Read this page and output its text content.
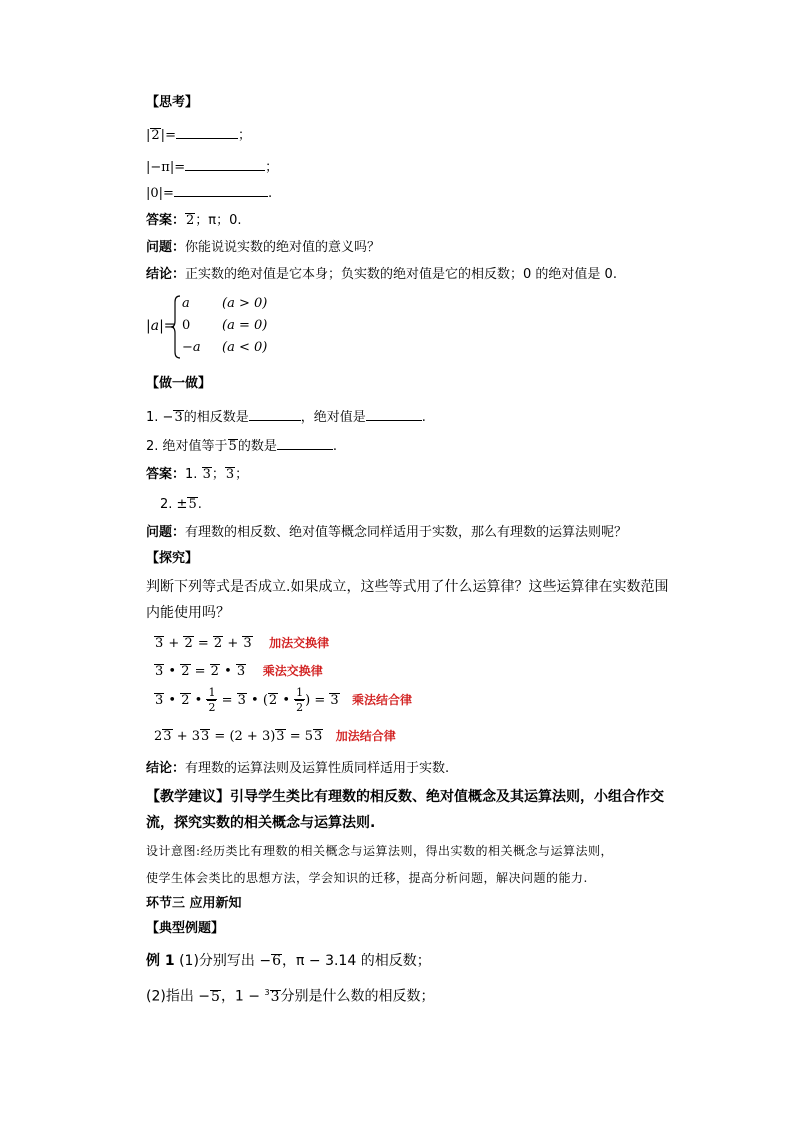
【思考】
|2|=	；
|−π|=	；
|0|=	.
答案：2；π；0.
问题：你能说说实数的绝对值的意义吗？
结论：正实数的绝对值是它本身；负实数的绝对值是它的相反数；0 的绝对值是 0.
|a|=
a (a > 0)
0 (a = 0)
−a (a < 0)
【做一做】
1. −3的相反数是	，绝对值是	.
2. 绝对值等于5的数是	.
答案：1. 3；3；
2. ±5.
问题：有理数的相反数、绝对值等概念同样适用于实数，那么有理数的运算法则呢？
【探究】
判断下列等式是否成立.如果成立，这些等式用了什么运算律？这些运算律在实数范围
内能使用吗？
3 + 2 = 2 + 3 加法交换律
3 • 2 = 2 • 3 乘法交换律
3 • 2 • $\frac{1}{2} = 3$ • (2 • $\frac{1}{2}$ ) = 3 乘法结合律
23 + 33 = (2 + 3)3 = 53 加法结合律
结论：有理数的运算法则及运算性质同样适用于实数.
【教学建议】引导学生类比有理数的相反数、绝对值概念及其运算法则，小组合作交
流，探究实数的相关概念与运算法则.
设计意图:经历类比有理数的相关概念与运算法则，得出实数的相关概念与运算法则，
使学生体会类比的思想方法，学会知识的迁移，提高分析问题，解决问题的能力.
环节三 应用新知
【典型例题】
例 1 (1)分别写出 −6，π − 3.14 的相反数；
(2)指出 −5，1 − $^3$3分别是什么数的相反数；
